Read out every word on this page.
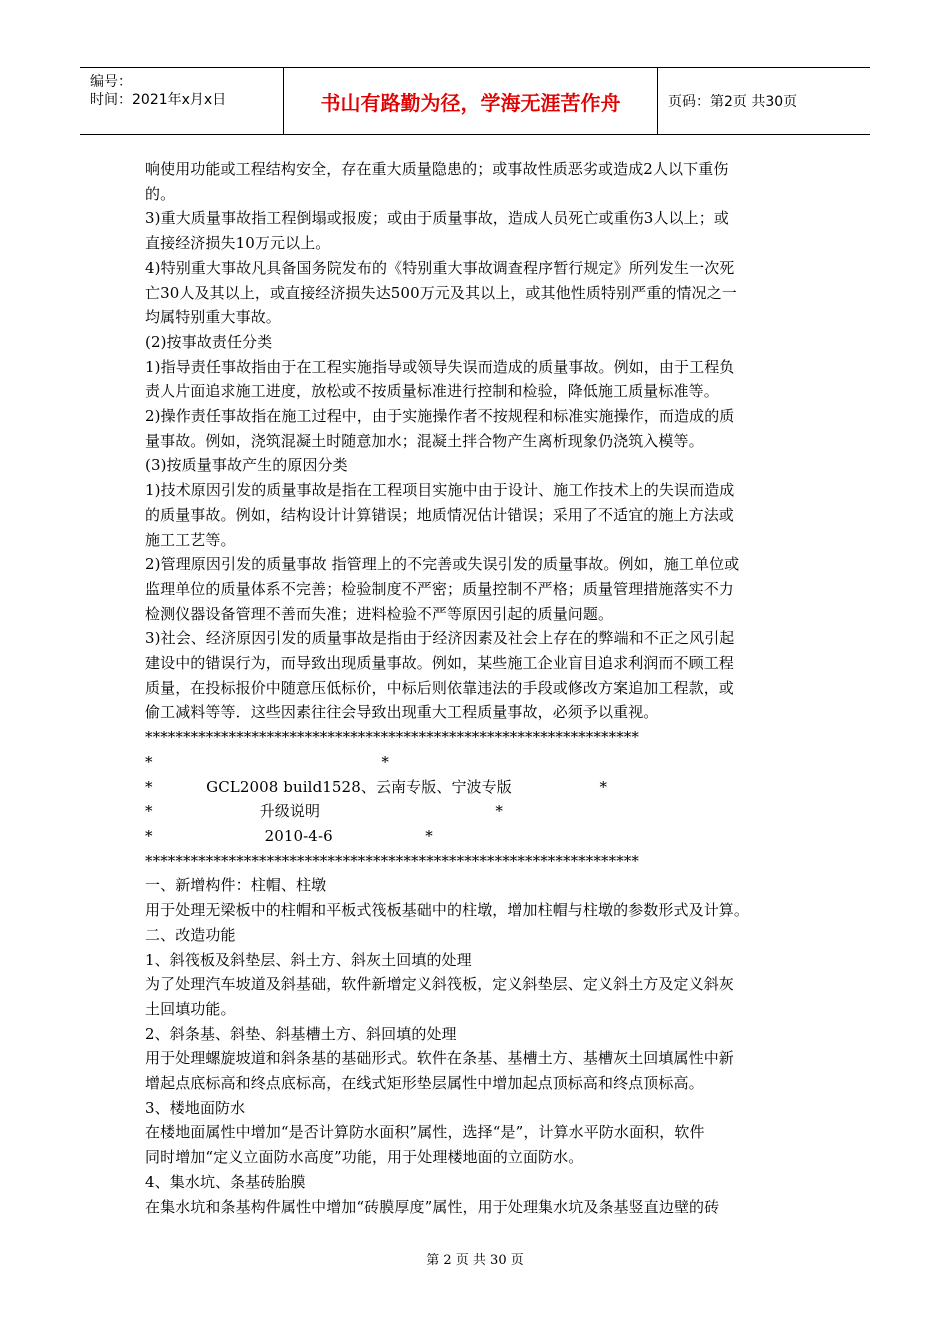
编号：
时间：2021年x月x日	书山有路勤为径，学海无涯苦作舟	页码：第2页 共30页

响使用功能或工程结构安全，存在重大质量隐患的；或事故性质恶劣或造成2人以下重伤

的。

3)重大质量事故指工程倒塌或报废；或由于质量事故，造成人员死亡或重伤3人以上；或

直接经济损失10万元以上。

4)特别重大事故凡具备国务院发布的《特别重大事故调查程序暂行规定》所列发生一次死

亡30人及其以上，或直接经济损失达500万元及其以上，或其他性质特别严重的情况之一

均属特别重大事故。

(2)按事故责任分类

1)指导责任事故指由于在工程实施指导或领导失误而造成的质量事故。例如，由于工程负

责人片面追求施工进度，放松或不按质量标准进行控制和检验，降低施工质量标准等。

2)操作责任事故指在施工过程中，由于实施操作者不按规程和标准实施操作，而造成的质

量事故。例如，浇筑混凝土时随意加水；混凝土拌合物产生离析现象仍浇筑入模等。

(3)按质量事故产生的原因分类

1)技术原因引发的质量事故是指在工程项目实施中由于设计、施工作技术上的失误而造成

的质量事故。例如，结构设计计算错误；地质情况估计错误；采用了不适宜的施上方法或

施工工艺等。

2)管理原因引发的质量事故 指管理上的不完善或失误引发的质量事故。例如，施工单位或

监理单位的质量体系不完善；检验制度不严密；质量控制不严格；质量管理措施落实不力

检测仪器设备管理不善而失准；进料检验不严等原因引起的质量问题。

3)社会、经济原因引发的质量事故是指由于经济因素及社会上存在的弊端和不正之风引起

建设中的错误行为，而导致出现质量事故。例如，某些施工企业盲目追求利润而不顾工程

质量，在投标报价中随意压低标价，中标后则依靠违法的手段或修改方案追加工程款，或

偷工减料等等．这些因素往往会导致出现重大工程质量事故，必须予以重视。

*****************************************************************

*                                               *

*           GCL2008 build1528、云南专版、宁波专版                  *

*                      升级说明                                    *

*                       2010-4-6                   *

*****************************************************************

一、新增构件：柱帽、柱墩

用于处理无梁板中的柱帽和平板式筏板基础中的柱墩，增加柱帽与柱墩的参数形式及计算。

二、改造功能

1、斜筏板及斜垫层、斜土方、斜灰土回填的处理

为了处理汽车坡道及斜基础，软件新增定义斜筏板，定义斜垫层、定义斜土方及定义斜灰

土回填功能。

2、斜条基、斜垫、斜基槽土方、斜回填的处理

用于处理螺旋坡道和斜条基的基础形式。软件在条基、基槽土方、基槽灰土回填属性中新

增起点底标高和终点底标高，在线式矩形垫层属性中增加起点顶标高和终点顶标高。

3、楼地面防水

在楼地面属性中增加“是否计算防水面积”属性，选择“是”，计算水平防水面积，软件

同时增加“定义立面防水高度”功能，用于处理楼地面的立面防水。

4、集水坑、条基砖胎膜

在集水坑和条基构件属性中增加“砖膜厚度”属性，用于处理集水坑及条基竖直边壁的砖

第 2 页 共 30 页
